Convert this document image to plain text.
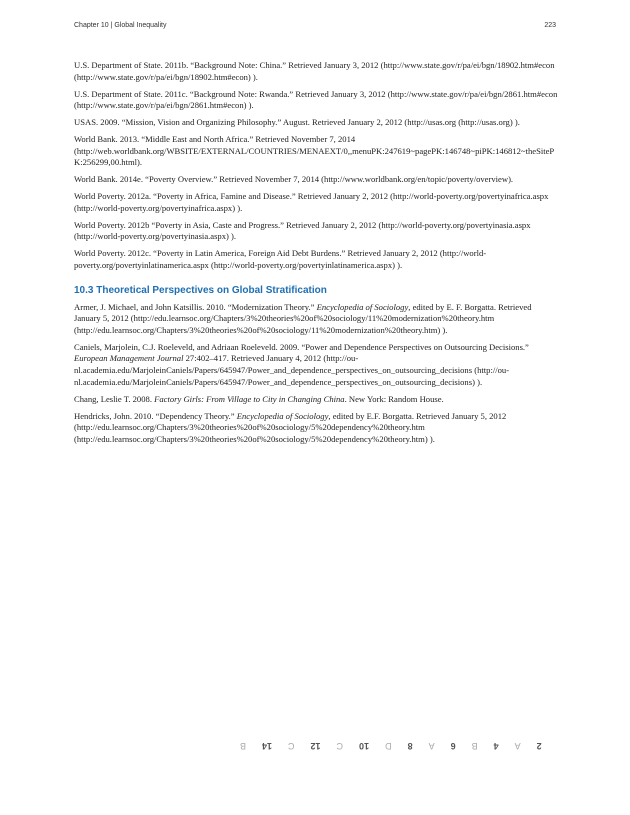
Chapter 10 | Global Inequality	223

U.S. Department of State. 2011b. “Background Note: China.” Retrieved January 3, 2012 (http://www.state.gov/r/pa/ei/bgn/18902.htm#econ (http://www.state.gov/r/pa/ei/bgn/18902.htm#econ) ).

U.S. Department of State. 2011c. “Background Note: Rwanda.” Retrieved January 3, 2012 (http://www.state.gov/r/pa/ei/bgn/2861.htm#econ (http://www.state.gov/r/pa/ei/bgn/2861.htm#econ) ).

USAS. 2009. “Mission, Vision and Organizing Philosophy.” August. Retrieved January 2, 2012 (http://usas.org (http://usas.org) ).

World Bank. 2013. “Middle East and North Africa.” Retrieved November 7, 2014 (http://web.worldbank.org/WBSITE/EXTERNAL/COUNTRIES/MENAEXT/0,,menuPK:247619~pagePK:146748~piPK:146812~theSitePK:256299,00.html).

World Bank. 2014e. “Poverty Overview.” Retrieved November 7, 2014 (http://www.worldbank.org/en/topic/poverty/overview).

World Poverty. 2012a. “Poverty in Africa, Famine and Disease.” Retrieved January 2, 2012 (http://world-poverty.org/povertyinafrica.aspx (http://world-poverty.org/povertyinafrica.aspx) ).

World Poverty. 2012b “Poverty in Asia, Caste and Progress.” Retrieved January 2, 2012 (http://world-poverty.org/povertyinasia.aspx (http://world-poverty.org/povertyinasia.aspx) ).

World Poverty. 2012c. “Poverty in Latin America, Foreign Aid Debt Burdens.” Retrieved January 2, 2012 (http://world-poverty.org/povertyinlatinamerica.aspx (http://world-poverty.org/povertyinlatinamerica.aspx) ).

10.3 Theoretical Perspectives on Global Stratification

Armer, J. Michael, and John Katsillis. 2010. “Modernization Theory.” Encyclopedia of Sociology, edited by E. F. Borgatta. Retrieved January 5, 2012 (http://edu.learnsoc.org/Chapters/3%20theories%20of%20sociology/11%20modernization%20theory.htm (http://edu.learnsoc.org/Chapters/3%20theories%20of%20sociology/11%20modernization%20theory.htm) ).

Caniels, Marjolein, C.J. Roeleveld, and Adriaan Roeleveld. 2009. “Power and Dependence Perspectives on Outsourcing Decisions.” European Management Journal 27:402–417. Retrieved January 4, 2012 (http://ou-nl.academia.edu/MarjoleinCaniels/Papers/645947/Power_and_dependence_perspectives_on_outsourcing_decisions (http://ou-nl.academia.edu/MarjoleinCaniels/Papers/645947/Power_and_dependence_perspectives_on_outsourcing_decisions) ).

Chang, Leslie T. 2008. Factory Girls: From Village to City in Changing China. New York: Random House.

Hendricks, John. 2010. “Dependency Theory.” Encyclopedia of Sociology, edited by E.F. Borgatta. Retrieved January 5, 2012 (http://edu.learnsoc.org/Chapters/3%20theories%20of%20sociology/5%20dependency%20theory.htm (http://edu.learnsoc.org/Chapters/3%20theories%20of%20sociology/5%20dependency%20theory.htm) ).

2
A
4
B
6
A
8
D
10
C
12
C
14
B
